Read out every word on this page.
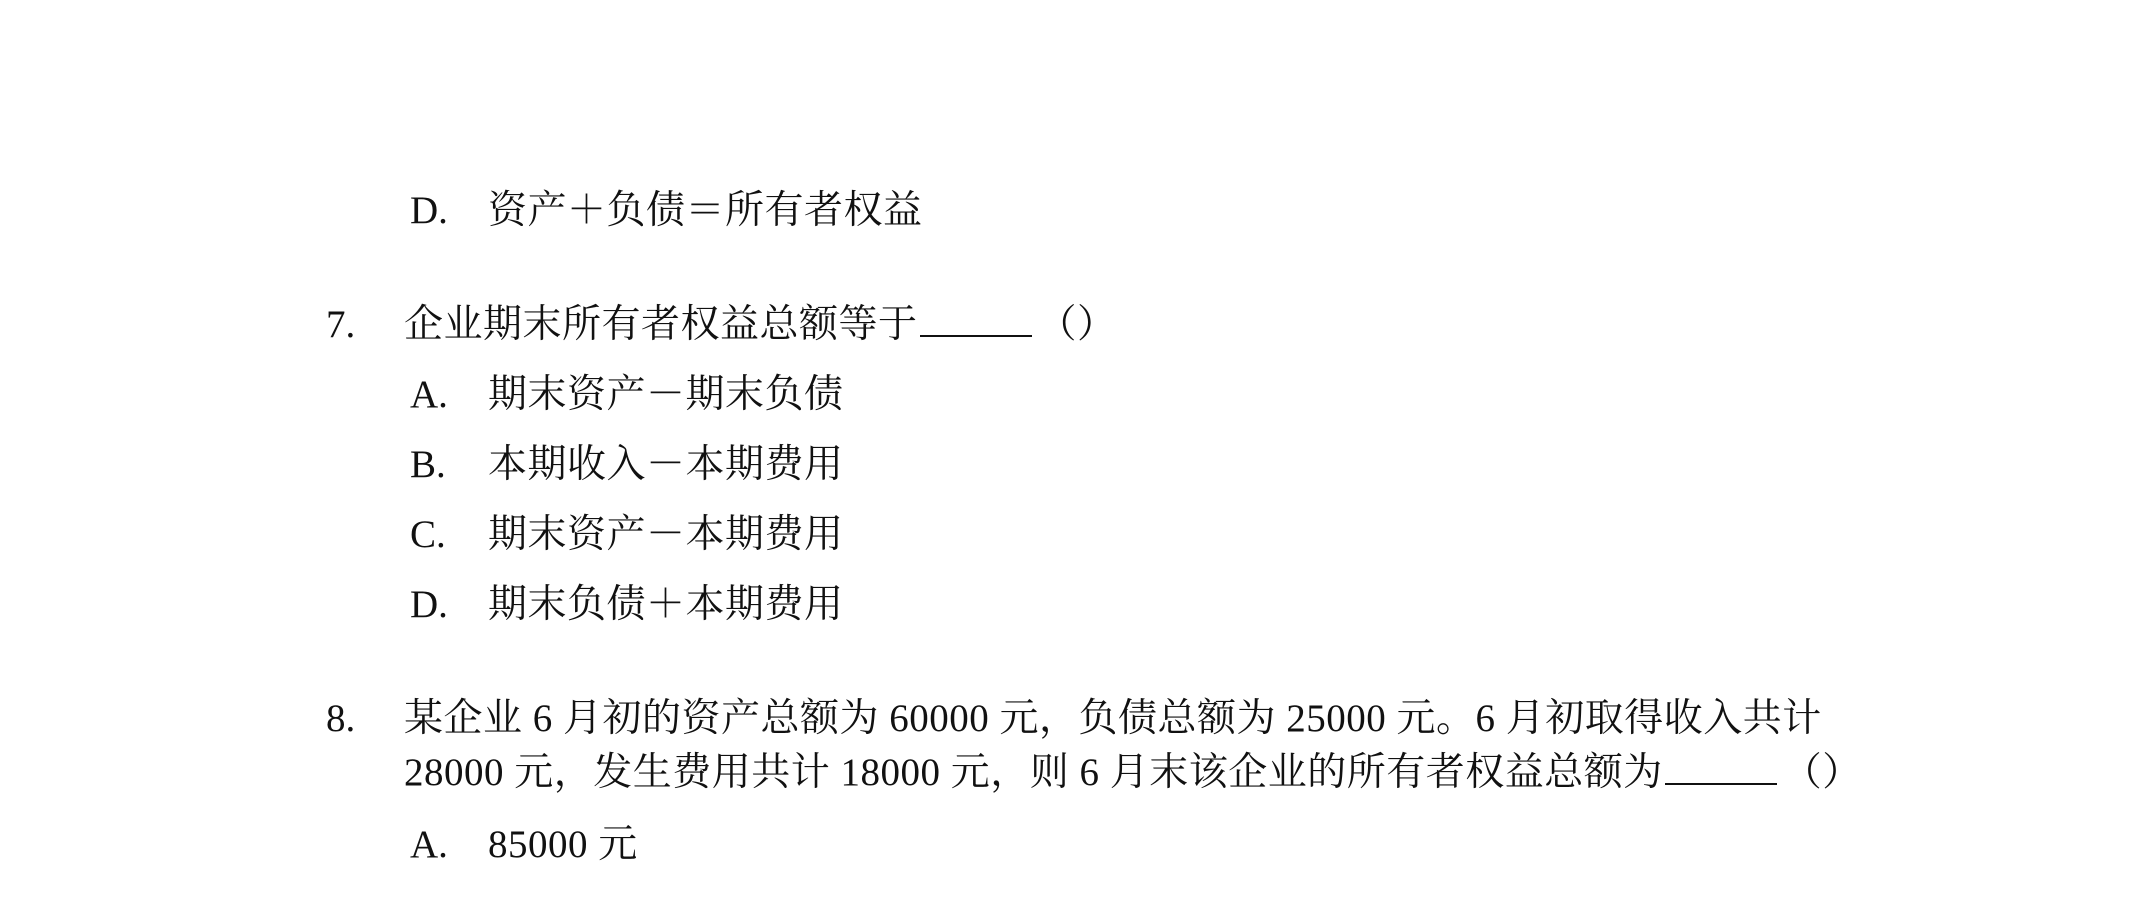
D. 资产＋负债＝所有者权益
7. 企业期末所有者权益总额等于	（）
A. 期末资产－期末负债
B. 本期收入－本期费用
C. 期末资产－本期费用
D. 期末负债＋本期费用
8. 某企业 6 月初的资产总额为 60000 元，负债总额为 25000 元。6 月初取得收入共计
28000 元，发生费用共计 18000 元，则 6 月末该企业的所有者权益总额为	（）
A. 85000 元
